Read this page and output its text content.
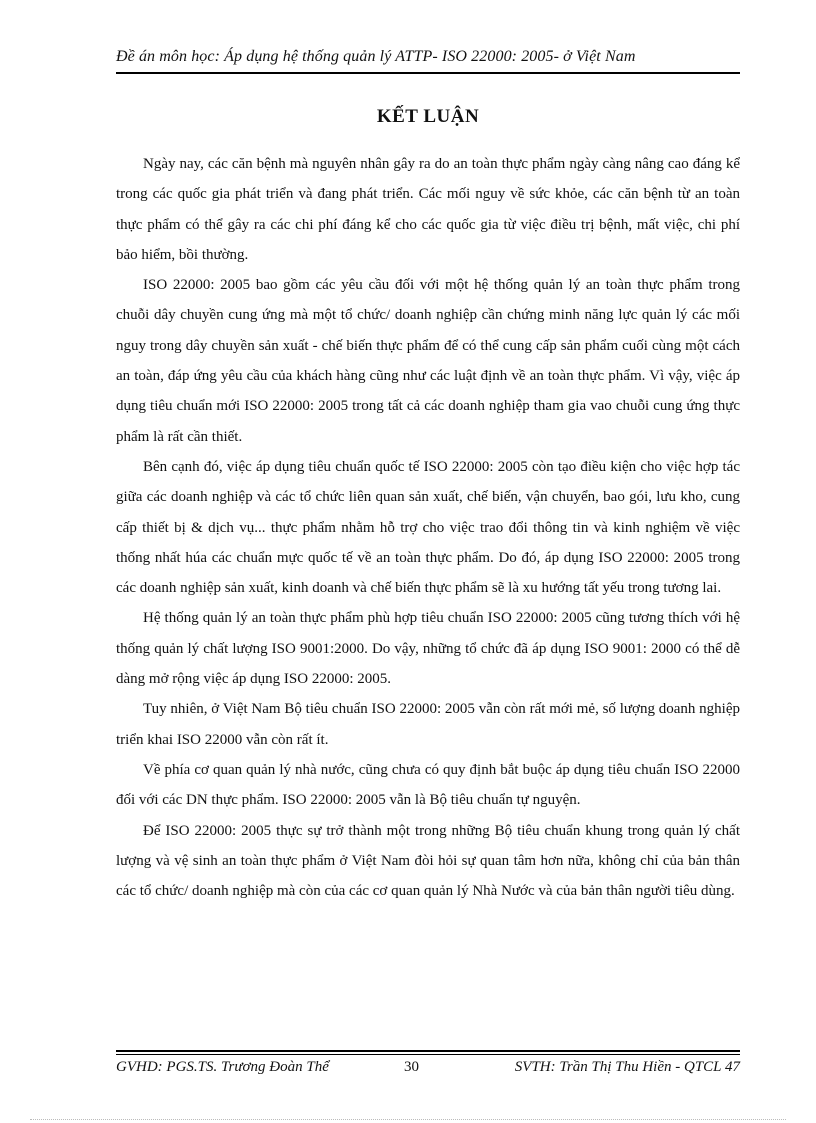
Đề án môn học: Áp dụng hệ thống quản lý ATTP- ISO 22000: 2005- ở Việt Nam
KẾT LUẬN

Ngày nay, các căn bệnh mà nguyên nhân gây ra do an toàn thực phẩm ngày càng nâng cao đáng kể trong các quốc gia phát triển và đang phát triển. Các mối nguy về sức khỏe, các căn bệnh từ an toàn thực phẩm có thể gây ra các chi phí đáng kể cho các quốc gia từ việc điều trị bệnh, mất việc, chi phí bảo hiểm, bồi thường.

ISO 22000: 2005 bao gồm các yêu cầu đối với một hệ thống quản lý an toàn thực phẩm trong chuỗi dây chuyền cung ứng mà một tổ chức/ doanh nghiệp cần chứng minh năng lực quản lý các mối nguy trong dây chuyền sản xuất - chế biến thực phẩm để có thể cung cấp sản phẩm cuối cùng một cách an toàn, đáp ứng yêu cầu của khách hàng cũng như các luật định về an toàn thực phẩm. Vì vậy, việc áp dụng tiêu chuẩn mới ISO 22000: 2005 trong tất cả các doanh nghiệp tham gia vao chuỗi cung ứng thực phẩm là rất cần thiết.

Bên cạnh đó, việc áp dụng tiêu chuẩn quốc tế ISO 22000: 2005 còn tạo điều kiện cho việc hợp tác giữa các doanh nghiệp và các tổ chức liên quan sản xuất, chế biến, vận chuyển, bao gói, lưu kho, cung cấp thiết bị & dịch vụ... thực phẩm nhằm hỗ trợ cho việc trao đổi thông tin và kinh nghiệm về việc thống nhất húa các chuẩn mực quốc tế về an toàn thực phẩm. Do đó, áp dụng ISO 22000: 2005 trong các doanh nghiệp sản xuất, kinh doanh và chế biến thực phẩm sẽ là xu hướng tất yếu trong tương lai.

Hệ thống quản lý an toàn thực phẩm phù hợp tiêu chuẩn ISO 22000: 2005 cũng tương thích với hệ thống quản lý chất lượng ISO 9001:2000. Do vậy, những tổ chức đã áp dụng ISO 9001: 2000 có thể dễ dàng mở rộng việc áp dụng ISO 22000: 2005.

Tuy nhiên, ở Việt Nam Bộ tiêu chuẩn ISO 22000: 2005 vẫn còn rất mới mẻ, số lượng doanh nghiệp triển khai ISO 22000 vẫn còn rất ít.

Về phía cơ quan quản lý nhà nước, cũng chưa có quy định bắt buộc áp dụng tiêu chuẩn ISO 22000 đối với các DN thực phẩm. ISO 22000: 2005 vẫn là Bộ tiêu chuẩn tự nguyện.

Để ISO 22000: 2005 thực sự trở thành một trong những Bộ tiêu chuẩn khung trong quản lý chất lượng và vệ sinh an toàn thực phẩm ở Việt Nam đòi hỏi sự quan tâm hơn nữa, không chỉ của bản thân các tổ chức/ doanh nghiệp mà còn của các cơ quan quản lý Nhà Nước và của bản thân người tiêu dùng.

GVHD: PGS.TS. Trương Đoàn Thể	30	SVTH: Trần Thị Thu Hiền - QTCL 47
